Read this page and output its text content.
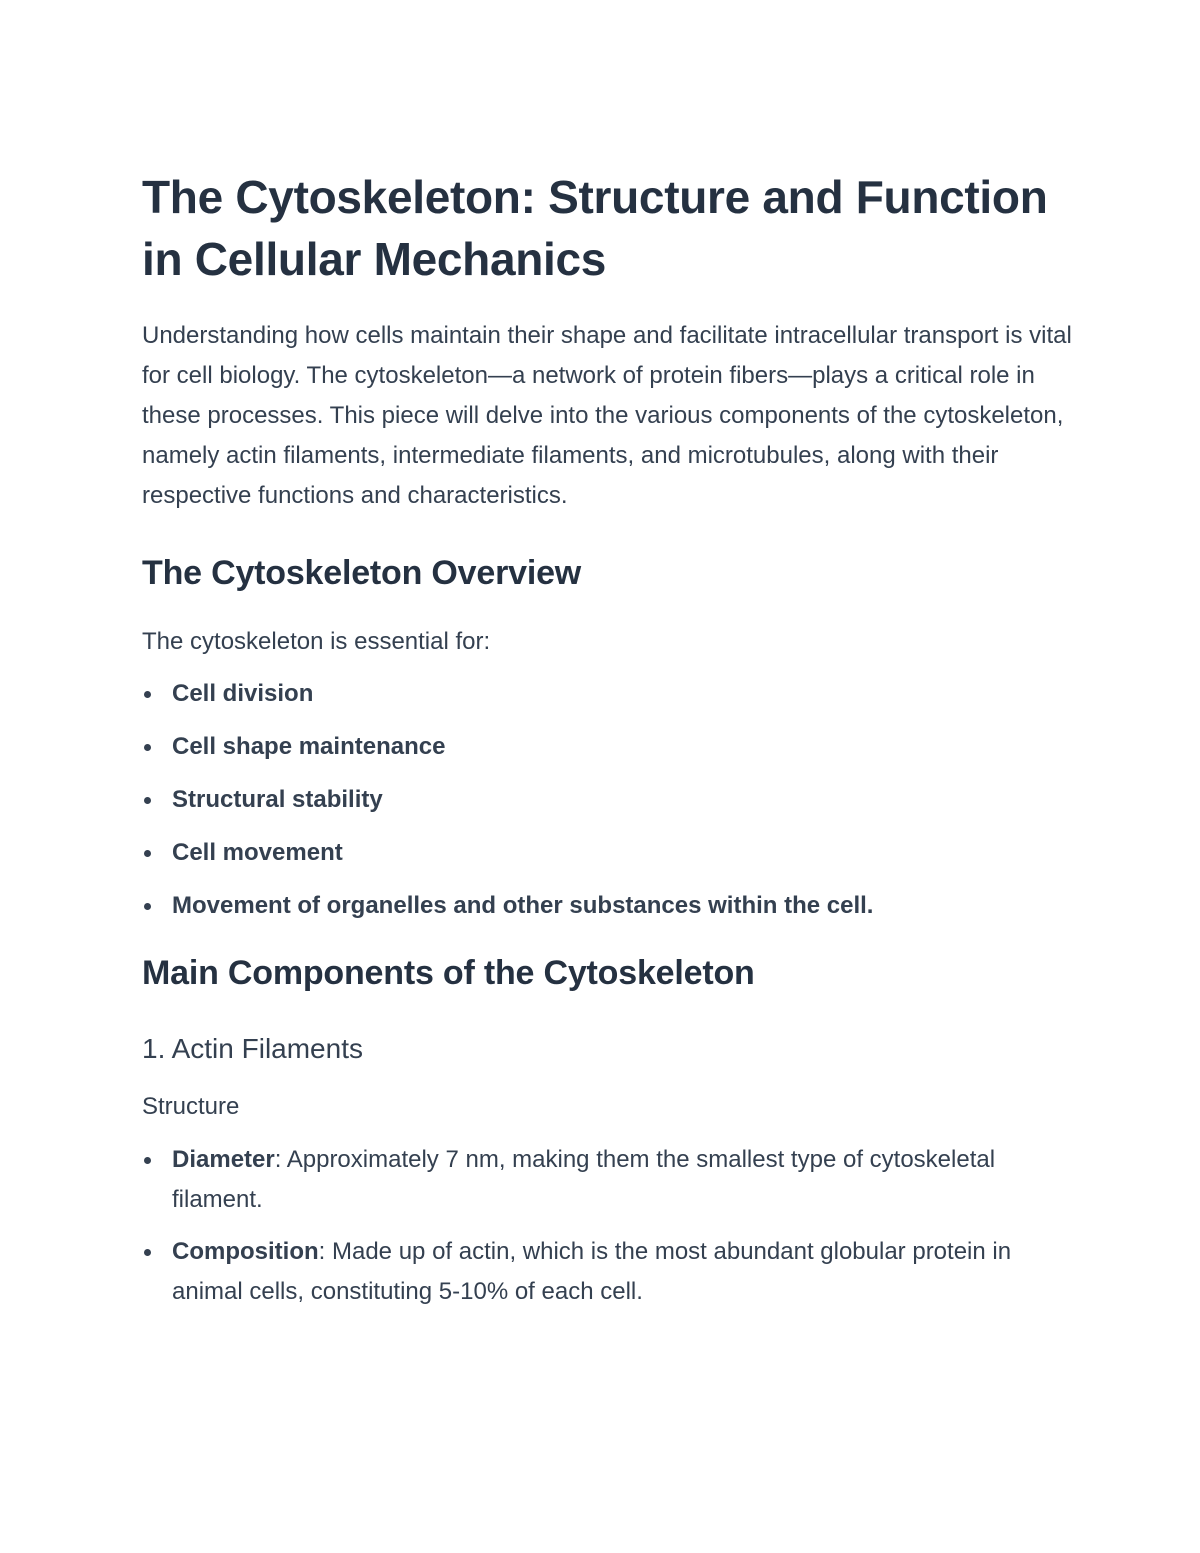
The Cytoskeleton: Structure and Function in Cellular Mechanics

Understanding how cells maintain their shape and facilitate intracellular transport is vital for cell biology. The cytoskeleton—a network of protein fibers—plays a critical role in these processes. This piece will delve into the various components of the cytoskeleton, namely actin filaments, intermediate filaments, and microtubules, along with their respective functions and characteristics.

The Cytoskeleton Overview

The cytoskeleton is essential for:

Cell division
Cell shape maintenance
Structural stability
Cell movement
Movement of organelles and other substances within the cell.
Main Components of the Cytoskeleton
1. Actin Filaments
Structure
Diameter: Approximately 7 nm, making them the smallest type of cytoskeletal filament.
Composition: Made up of actin, which is the most abundant globular protein in animal cells, constituting 5-10% of each cell.
